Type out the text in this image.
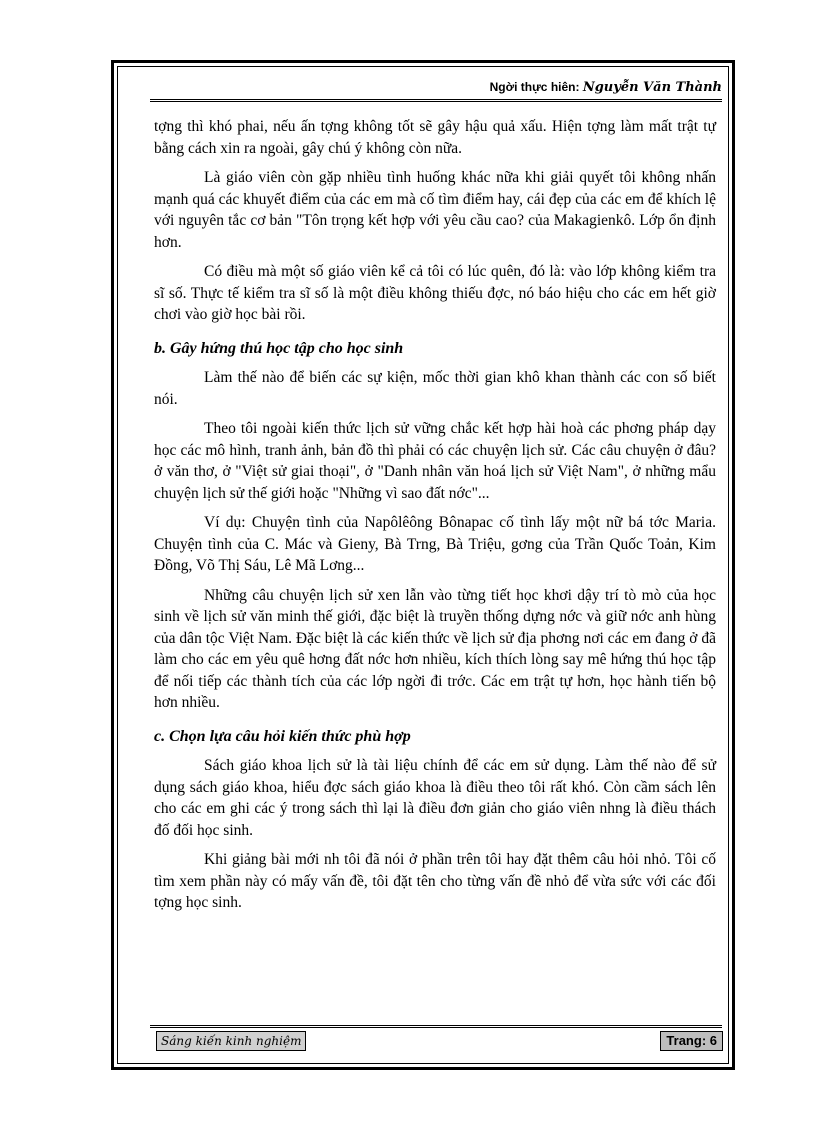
Ngời thực hiên: Nguyễn Văn Thành

tợng thì khó phai, nếu ấn tợng không tốt sẽ gây hậu quả xấu. Hiện tợng làm mất trật tự bằng cách xin ra ngoài, gây chú ý không còn nữa.

Là giáo viên còn gặp nhiều tình huống khác nữa khi giải quyết tôi không nhấn mạnh quá các khuyết điểm của các em mà cố tìm điểm hay, cái đẹp của các em để khích lệ với nguyên tắc cơ bản "Tôn trọng kết hợp với yêu cầu cao? của Makagienkô. Lớp ổn định hơn.

Có điều mà một số giáo viên kể cả tôi có lúc quên, đó là: vào lớp không kiểm tra sĩ số. Thực tế kiểm tra sĩ số là một điều không thiếu đợc, nó báo hiệu cho các em hết giờ chơi vào giờ học bài rồi.

b. Gây hứng thú học tập cho học sinh

Làm thế nào để biến các sự kiện, mốc thời gian khô khan thành các con số biết nói.

Theo tôi ngoài kiến thức lịch sử vững chắc kết hợp hài hoà các phơng pháp dạy học các mô hình, tranh ảnh, bản đồ thì phải có các chuyện lịch sử. Các câu chuyện ở đâu? ở văn thơ, ở "Việt sử giai thoại", ở "Danh nhân văn hoá lịch sử Việt Nam", ở những mẩu chuyện lịch sử thế giới hoặc "Những vì sao đất nớc"...

Ví dụ: Chuyện tình của Napôlêông Bônapac cố tình lấy một nữ bá tớc Maria. Chuyện tình của C. Mác và Gieny, Bà Trng, Bà Triệu, gơng của Trần Quốc Toản, Kim Đồng, Võ Thị Sáu, Lê Mã Lơng...

Những câu chuyện lịch sử xen lẫn vào từng tiết học khơi dậy trí tò mò của học sinh về lịch sử văn minh thế giới, đặc biệt là truyền thống dựng nớc và giữ nớc anh hùng của dân tộc Việt Nam. Đặc biệt là các kiến thức về lịch sử địa phơng nơi các em đang ở đã làm cho các em yêu quê hơng đất nớc hơn nhiều, kích thích lòng say mê hứng thú học tập để nối tiếp các thành tích của các lớp ngời đi trớc. Các em trật tự hơn, học hành tiến bộ hơn nhiều.

c. Chọn lựa câu hỏi kiến thức phù hợp

Sách giáo khoa lịch sử là tài liệu chính để các em sử dụng. Làm thế nào để sử dụng sách giáo khoa, hiểu đợc sách giáo khoa là điều theo tôi rất khó. Còn cầm sách lên cho các em ghi các ý trong sách thì lại là điều đơn giản cho giáo viên nhng là điều thách đố đối học sinh.

Khi giảng bài mới nh tôi đã nói ở phần trên tôi hay đặt thêm câu hỏi nhỏ. Tôi cố tìm xem phần này có mấy vấn đề, tôi đặt tên cho từng vấn đề nhỏ để vừa sức với các đối tợng học sinh.

Sáng kiến kinh nghiệm	Trang: 6
